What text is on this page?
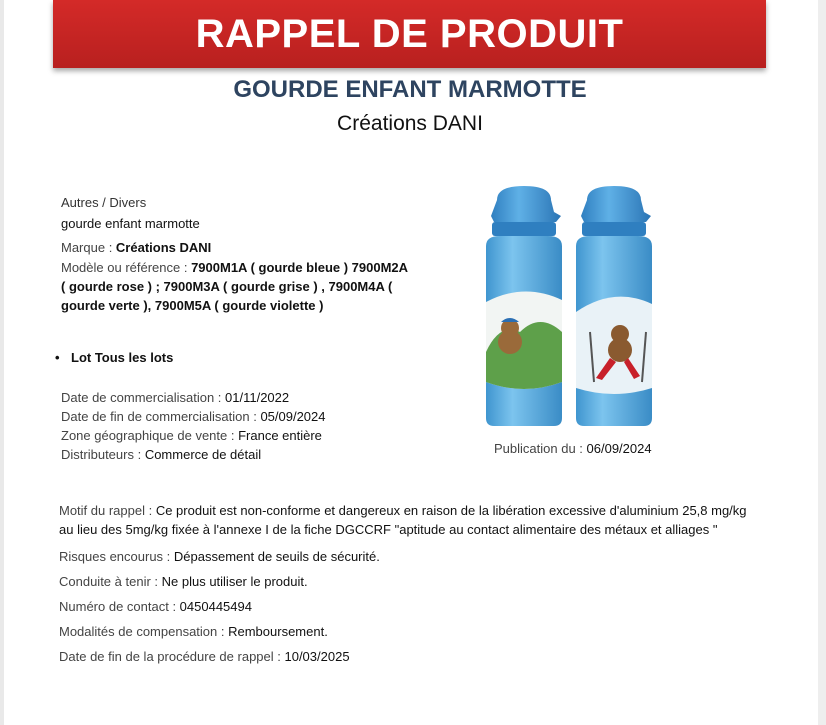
RAPPEL DE PRODUIT
GOURDE ENFANT MARMOTTE
Créations DANI
Autres / Divers
gourde enfant marmotte
Marque : Créations DANI
Modèle ou référence : 7900M1A ( gourde bleue ) 7900M2A ( gourde rose ) ; 7900M3A ( gourde grise ) , 7900M4A ( gourde verte ), 7900M5A ( gourde violette )
• Lot Tous les lots
Date de commercialisation : 01/11/2022
Date de fin de commercialisation : 05/09/2024
Zone géographique de vente : France entière
Distributeurs : Commerce de détail	Publication du : 06/09/2024
Motif du rappel : Ce produit est non-conforme et dangereux en raison de la libération excessive d'aluminium 25,8 mg/kg au lieu des 5mg/kg fixée à l'annexe I de la fiche DGCCRF "aptitude au contact alimentaire des métaux et alliages "
Risques encourus : Dépassement de seuils de sécurité.
Conduite à tenir : Ne plus utiliser le produit.
Numéro de contact : 0450445494
Modalités de compensation : Remboursement.
Date de fin de la procédure de rappel : 10/03/2025
